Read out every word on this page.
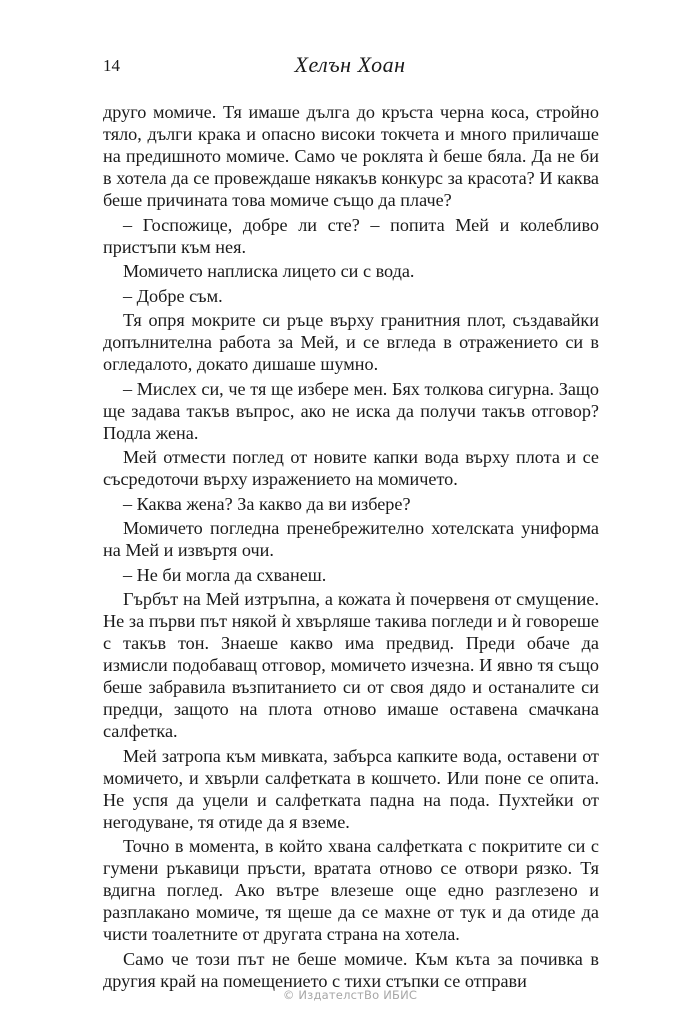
14	Хелън Хоан

друго момиче. Тя имаше дълга до кръста черна коса, стройно тяло, дълги крака и опасно високи токчета и много приличаше на предишното момиче. Само че роклята ѝ беше бяла. Да не би в хотела да се провеждаше някакъв конкурс за красота? И каква беше причината това момиче също да плаче?

– Госпожице, добре ли сте? – попита Мей и колебливо пристъпи към нея.

Момичето наплиска лицето си с вода.

– Добре съм.

Тя опря мокрите си ръце върху гранитния плот, създавайки допълнителна работа за Мей, и се вгледа в отражението си в огледалото, докато дишаше шумно.

– Мислех си, че тя ще избере мен. Бях толкова сигурна. Защо ще задава такъв въпрос, ако не иска да получи такъв отговор? Подла жена.

Мей отмести поглед от новите капки вода върху плота и се съсредоточи върху изражението на момичето.

– Каква жена? За какво да ви избере?

Момичето погледна пренебрежително хотелската униформа на Мей и извъртя очи.

– Не би могла да схванеш.

Гърбът на Мей изтръпна, а кожата ѝ почервеня от смущение. Не за първи път някой ѝ хвърляше такива погледи и ѝ говореше с такъв тон. Знаеше какво има предвид. Преди обаче да измисли подобаващ отговор, момичето изчезна. И явно тя също беше забравила възпитанието си от своя дядо и останалите си предци, защото на плота отново имаше оставена смачкана салфетка.

Мей затропа към мивката, забърса капките вода, оставени от момичето, и хвърли салфетката в кошчето. Или поне се опита. Не успя да уцели и салфетката падна на пода. Пухтейки от негодуване, тя отиде да я вземе.

Точно в момента, в който хвана салфетката с покритите си с гумени ръкавици пръсти, вратата отново се отвори рязко. Тя вдигна поглед. Ако вътре влезеше още едно разглезено и разплакано момиче, тя щеше да се махне от тук и да отиде да чисти тоалетните от другата страна на хотела.

Само че този път не беше момиче. Към къта за почивка в другия край на помещението с тихи стъпки се отправи

© ИздателстВо ИБИС
